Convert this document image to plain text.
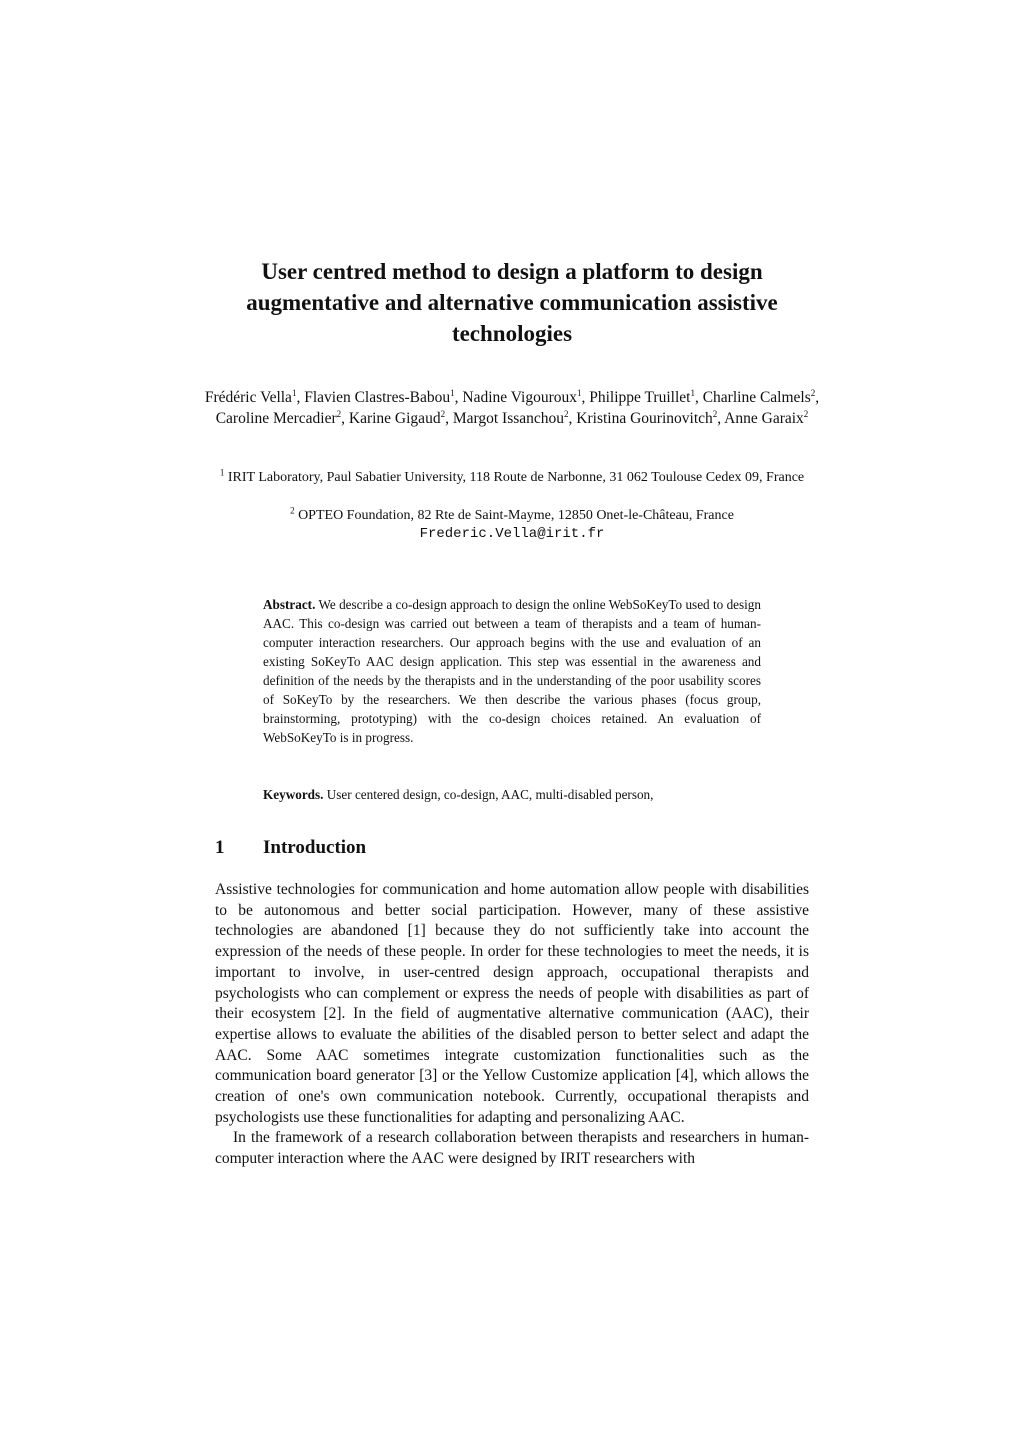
User centred method to design a platform to design
augmentative and alternative communication assistive
technologies
Frédéric Vella$^1$, Flavien Clastres-Babou$^1$, Nadine Vigouroux$^1$, Philippe Truillet$^1$, Charline Calmels$^2$, Caroline Mercadier$^2$, Karine Gigaud$^2$, Margot Issanchou$^2$, Kristina Gourinovitch$^2$, Anne Garaix$^2$
$^1$ IRIT Laboratory, Paul Sabatier University, 118 Route de Narbonne, 31 062 Toulouse Cedex 09, France
$^2$ OPTEO Foundation, 82 Rte de Saint-Mayme, 12850 Onet-le-Château, France
Frederic.Vella@irit.fr
Abstract. We describe a co-design approach to design the online WebSoKeyTo used to design AAC. This co-design was carried out between a team of therapists and a team of human-computer interaction researchers. Our approach begins with the use and evaluation of an existing SoKeyTo AAC design application. This step was essential in the awareness and definition of the needs by the therapists and in the understanding of the poor usability scores of SoKeyTo by the researchers. We then describe the various phases (focus group, brainstorming, prototyping) with the co-design choices retained. An evaluation of WebSoKeyTo is in progress.
Keywords. User centered design, co-design, AAC, multi-disabled person,
1 Introduction

Assistive technologies for communication and home automation allow people with disabilities to be autonomous and better social participation. However, many of these assistive technologies are abandoned [1] because they do not sufficiently take into account the expression of the needs of these people. In order for these technologies to meet the needs, it is important to involve, in user-centred design approach, occupational therapists and psychologists who can complement or express the needs of people with disabilities as part of their ecosystem [2]. In the field of augmentative alternative communication (AAC), their expertise allows to evaluate the abilities of the disabled person to better select and adapt the AAC. Some AAC sometimes integrate customization functionalities such as the communication board generator [3] or the Yellow Customize application [4], which allows the creation of one's own communication notebook. Currently, occupational therapists and psychologists use these functionalities for adapting and personalizing AAC.

In the framework of a research collaboration between therapists and researchers in human-computer interaction where the AAC were designed by IRIT researchers with
